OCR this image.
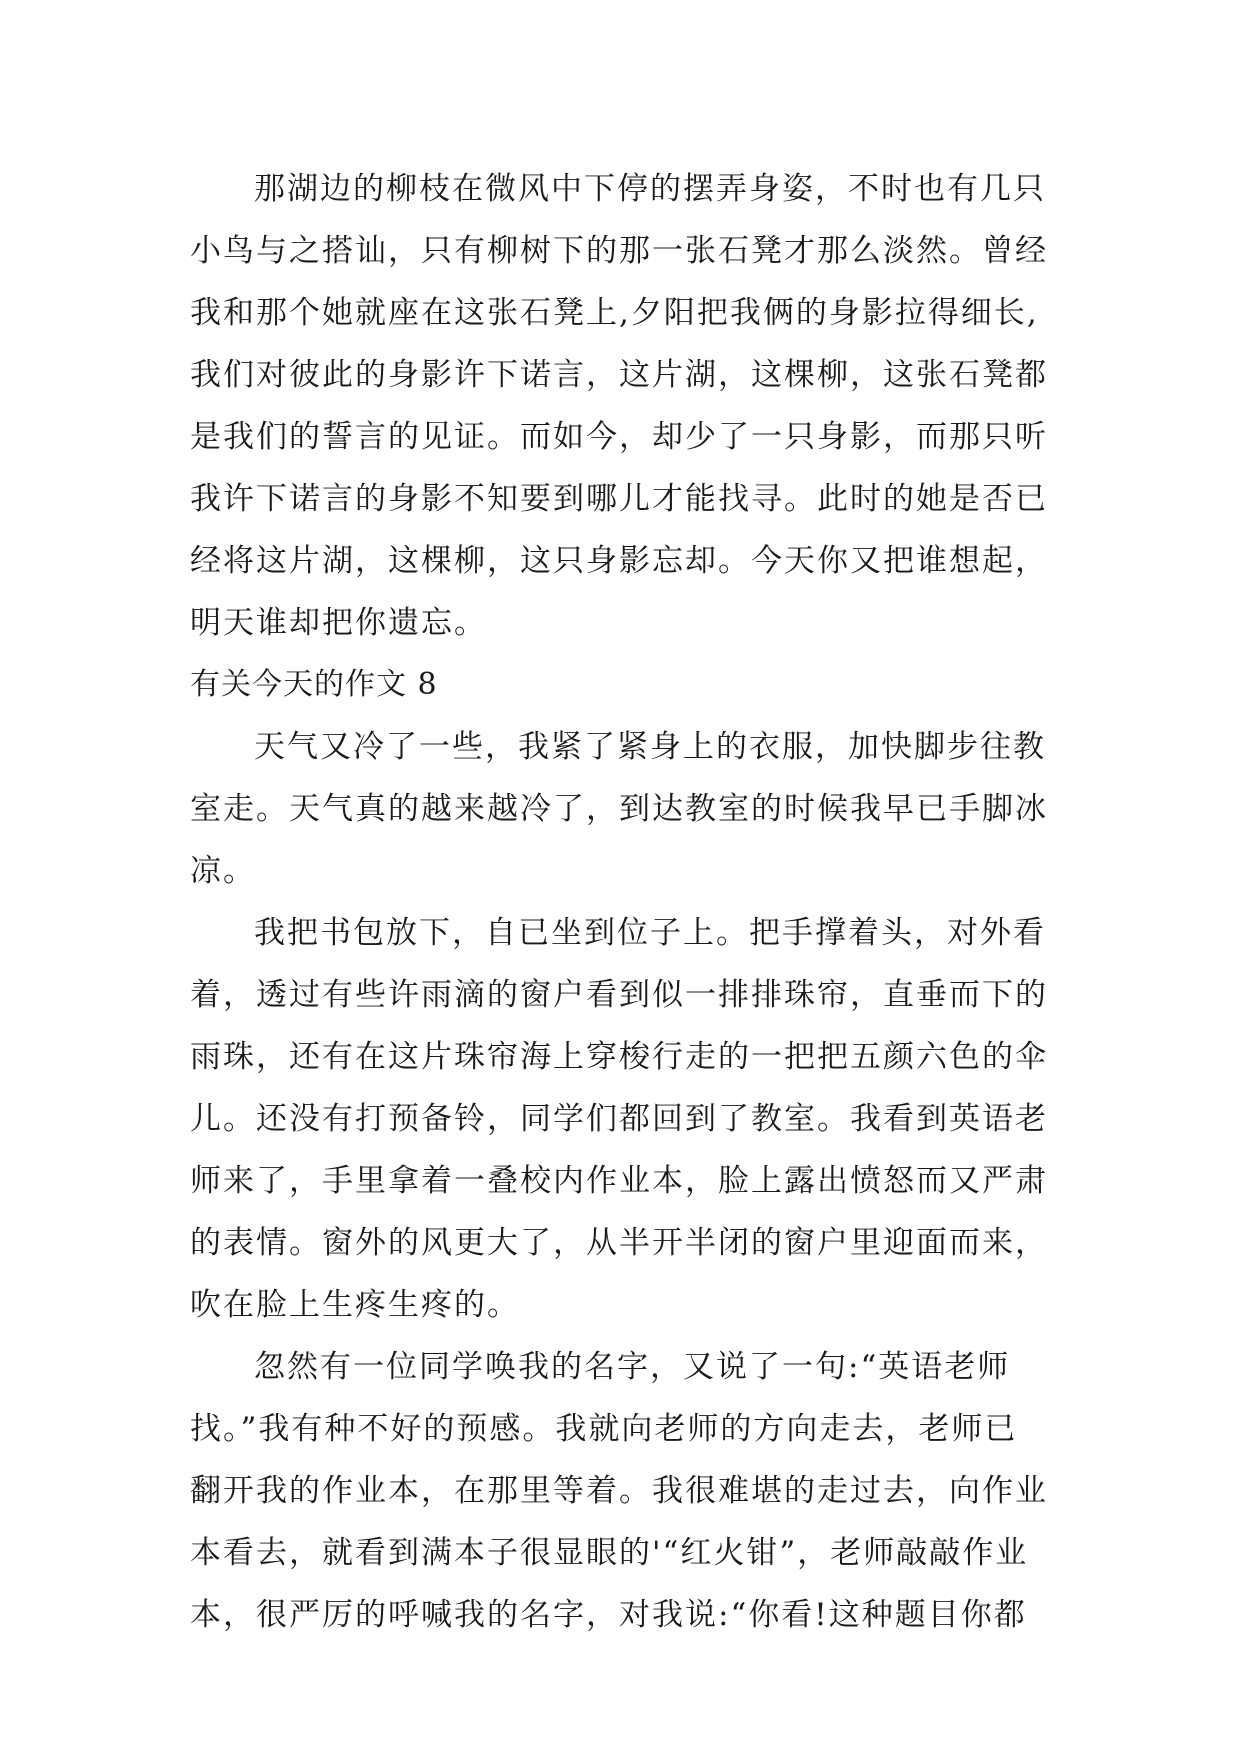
那湖边的柳枝在微风中下停的摆弄身姿，不时也有几只
小鸟与之搭讪，只有柳树下的那一张石凳才那么淡然。曾经
我和那个她就座在这张石凳上,夕阳把我俩的身影拉得细长,
我们对彼此的身影许下诺言，这片湖，这棵柳，这张石凳都
是我们的誓言的见证。而如今，却少了一只身影，而那只听
我许下诺言的身影不知要到哪儿才能找寻。此时的她是否已
经将这片湖，这棵柳，这只身影忘却。今天你又把谁想起，
明天谁却把你遗忘。
有关今天的作文 8
天气又冷了一些，我紧了紧身上的衣服，加快脚步往教
室走。天气真的越来越冷了，到达教室的时候我早已手脚冰
凉。
我把书包放下，自已坐到位子上。把手撑着头，对外看
着，透过有些许雨滴的窗户看到似一排排珠帘，直垂而下的
雨珠，还有在这片珠帘海上穿梭行走的一把把五颜六色的伞
儿。还没有打预备铃，同学们都回到了教室。我看到英语老
师来了，手里拿着一叠校内作业本，脸上露出愤怒而又严肃
的表情。窗外的风更大了，从半开半闭的窗户里迎面而来，
吹在脸上生疼生疼的。
忽然有一位同学唤我的名字，又说了一句:“英语老师
找。”我有种不好的预感。我就向老师的方向走去，老师已
翻开我的作业本，在那里等着。我很难堪的走过去，向作业
本看去，就看到满本子很显眼的'“红火钳”，老师敲敲作业
本，很严厉的呼喊我的名字，对我说:“你看!这种题目你都
